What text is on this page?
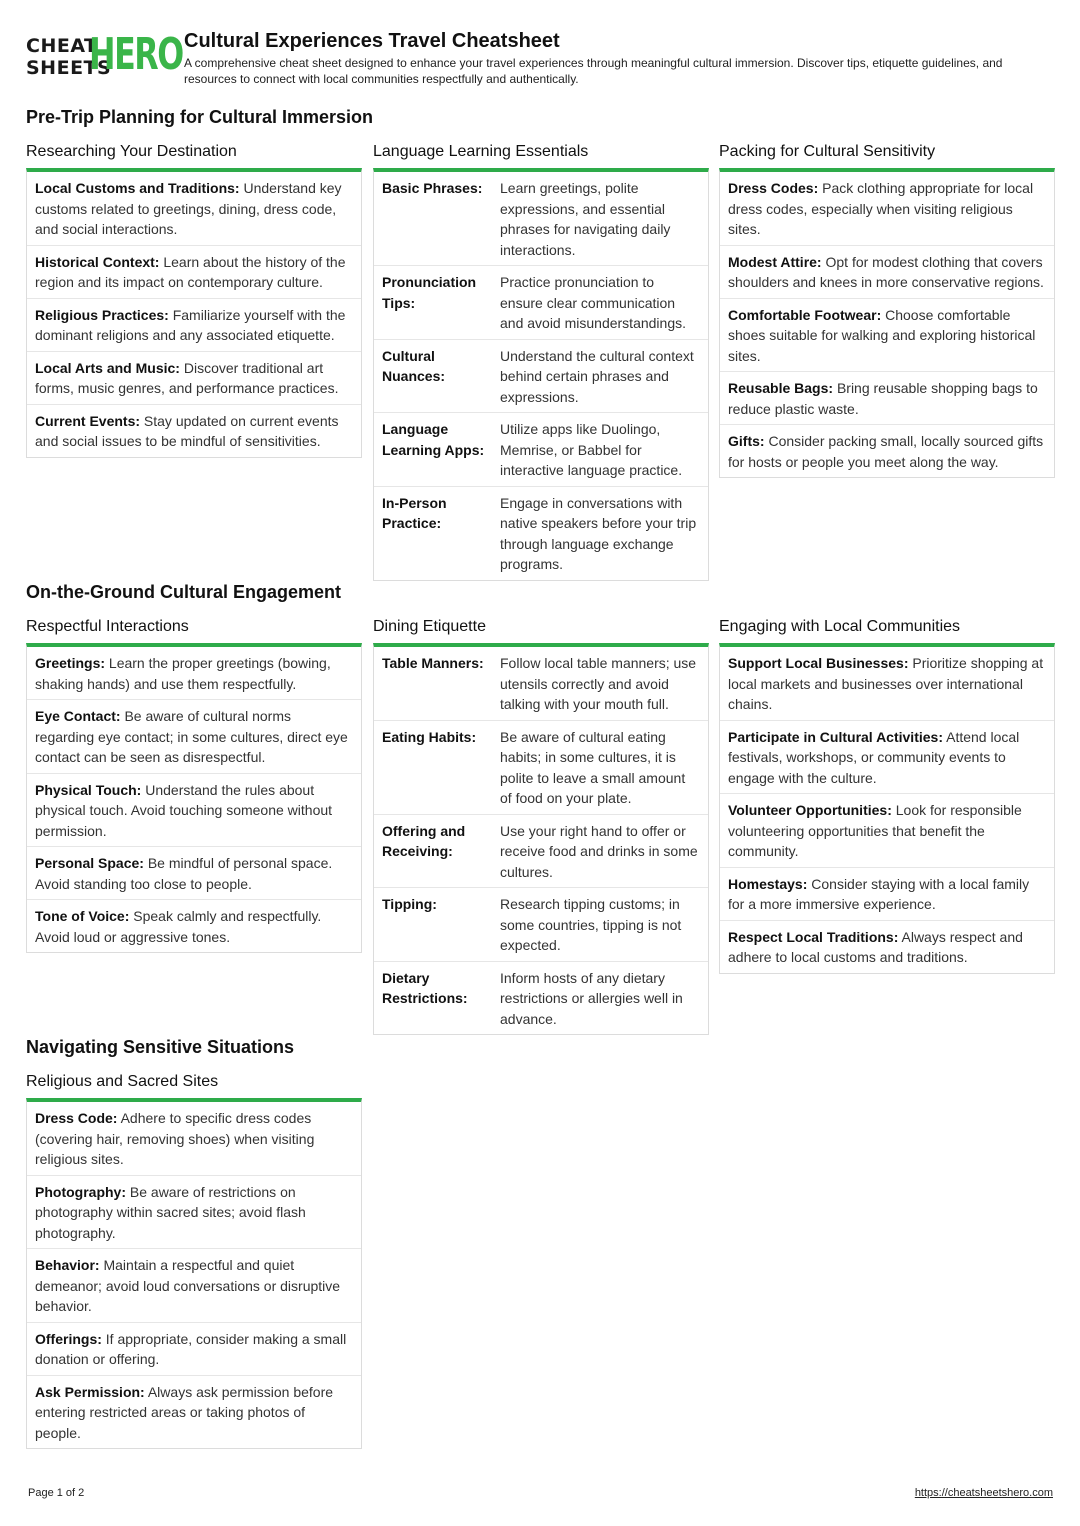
CHEAT
SHEETS
HERO Cultural Experiences Travel Cheatsheet

A comprehensive cheat sheet designed to enhance your travel experiences through meaningful cultural immersion. Discover tips, etiquette guidelines, and resources to connect with local communities respectfully and authentically.

Pre-Trip Planning for Cultural Immersion
Researching Your Destination
Local Customs and Traditions: Understand key customs related to greetings, dining, dress code, and social interactions.
Historical Context: Learn about the history of the region and its impact on contemporary culture.
Religious Practices: Familiarize yourself with the dominant religions and any associated etiquette.
Local Arts and Music: Discover traditional art forms, music genres, and performance practices.
Current Events: Stay updated on current events and social issues to be mindful of sensitivities.
Language Learning Essentials
Basic Phrases:	Learn greetings, polite expressions, and essential phrases for navigating daily interactions.
Pronunciation Tips:
Practice pronunciation to ensure clear communication and avoid misunderstandings.
Cultural Nuances:
Understand the cultural context behind certain phrases and expressions.
Language Learning Apps:
Utilize apps like Duolingo, Memrise, or Babbel for interactive language practice.
In-Person Practice:
Engage in conversations with native speakers before your trip through language exchange programs.
Packing for Cultural Sensitivity
Dress Codes: Pack clothing appropriate for local dress codes, especially when visiting religious sites.
Modest Attire: Opt for modest clothing that covers shoulders and knees in more conservative regions.
Comfortable Footwear: Choose comfortable shoes suitable for walking and exploring historical sites.
Reusable Bags: Bring reusable shopping bags to reduce plastic waste.
Gifts: Consider packing small, locally sourced gifts for hosts or people you meet along the way.
On-the-Ground Cultural Engagement
Respectful Interactions
Greetings: Learn the proper greetings (bowing, shaking hands) and use them respectfully.
Eye Contact: Be aware of cultural norms regarding eye contact; in some cultures, direct eye contact can be seen as disrespectful.
Physical Touch: Understand the rules about physical touch. Avoid touching someone without permission.
Personal Space: Be mindful of personal space. Avoid standing too close to people.
Tone of Voice: Speak calmly and respectfully. Avoid loud or aggressive tones.
Dining Etiquette
Table Manners:	Follow local table manners; use utensils correctly and avoid talking with your mouth full.
Eating Habits:	Be aware of cultural eating habits; in some cultures, it is polite to leave a small amount of food on your plate.
Offering and Receiving:
Use your right hand to offer or receive food and drinks in some cultures.
Tipping:	Research tipping customs; in some countries, tipping is not expected.
Dietary Restrictions:
Inform hosts of any dietary restrictions or allergies well in advance.
Engaging with Local Communities
Support Local Businesses: Prioritize shopping at local markets and businesses over international chains.
Participate in Cultural Activities: Attend local festivals, workshops, or community events to engage with the culture.
Volunteer Opportunities: Look for responsible volunteering opportunities that benefit the community.
Homestays: Consider staying with a local family for a more immersive experience.
Respect Local Traditions: Always respect and adhere to local customs and traditions.
Navigating Sensitive Situations
Religious and Sacred Sites
Dress Code: Adhere to specific dress codes (covering hair, removing shoes) when visiting religious sites.
Photography: Be aware of restrictions on photography within sacred sites; avoid flash photography.
Behavior: Maintain a respectful and quiet demeanor; avoid loud conversations or disruptive behavior.
Offerings: If appropriate, consider making a small donation or offering.
Ask Permission: Always ask permission before entering restricted areas or taking photos of people.
Page 1 of 2	https://cheatsheetshero.com
